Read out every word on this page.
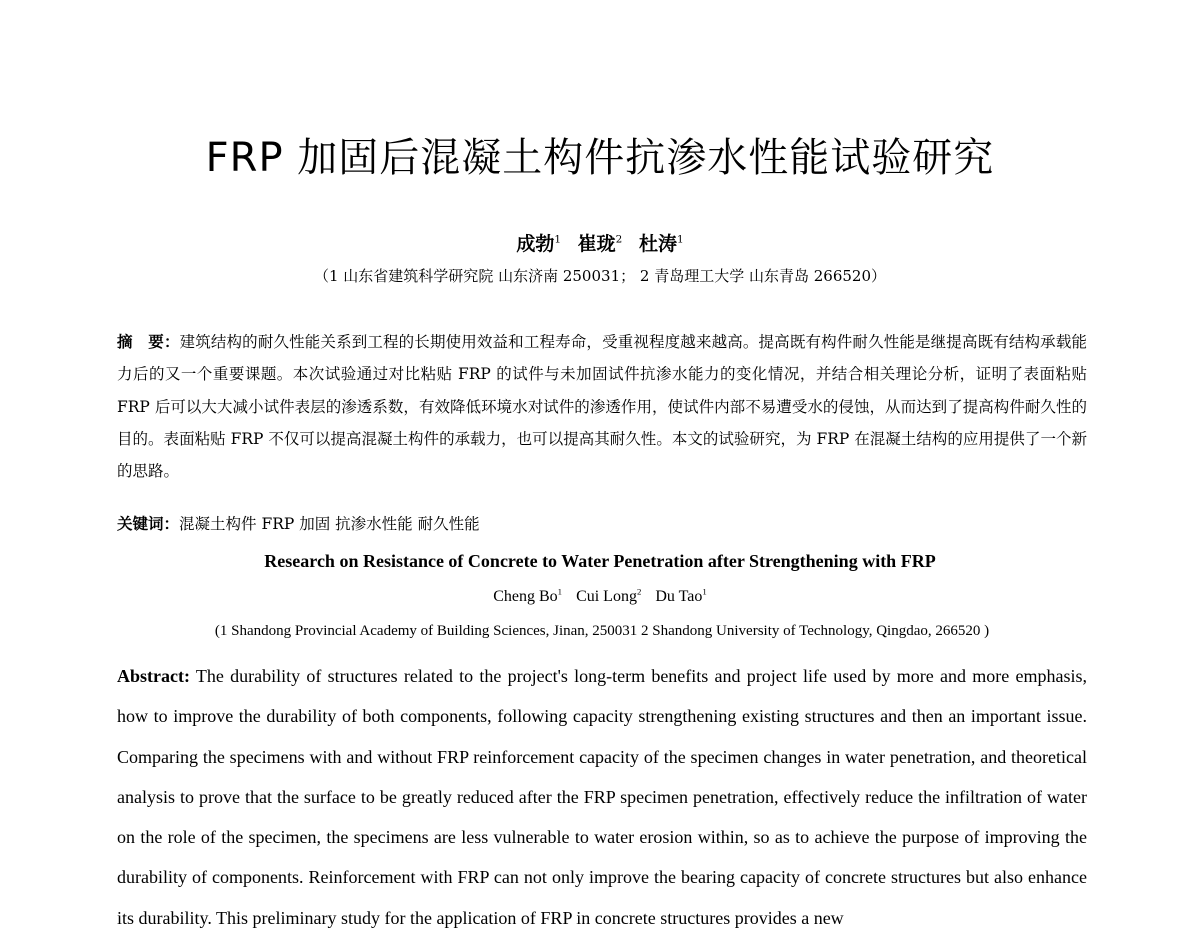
FRP 加固后混凝土构件抗渗水性能试验研究
成勃$^1$ 崔珑$^2$ 杜涛$^1$
（1 山东省建筑科学研究院 山东济南 250031； 2 青岛理工大学 山东青岛 266520）
摘　要：建筑结构的耐久性能关系到工程的长期使用效益和工程寿命，受重视程度越来越高。提高既有构件耐久性能是继提高既有结构承载能力后的又一个重要课题。本次试验通过对比粘贴 FRP 的试件与未加固试件抗渗水能力的变化情况，并结合相关理论分析，证明了表面粘贴 FRP 后可以大大减小试件表层的渗透系数，有效降低环境水对试件的渗透作用，使试件内部不易遭受水的侵蚀，从而达到了提高构件耐久性的目的。表面粘贴 FRP 不仅可以提高混凝土构件的承载力，也可以提高其耐久性。本文的试验研究，为 FRP 在混凝土结构的应用提供了一个新的思路。
关键词：混凝土构件 FRP 加固 抗渗水性能 耐久性能
Research on Resistance of Concrete to Water Penetration after Strengthening with FRP
Cheng Bo$^1$ Cui Long$^2$ Du Tao$^1$
(1 Shandong Provincial Academy of Building Sciences, Jinan, 250031 2 Shandong University of Technology, Qingdao, 266520 )
Abstract: The durability of structures related to the project's long-term benefits and project life used by more and more emphasis, how to improve the durability of both components, following capacity strengthening existing structures and then an important issue. Comparing the specimens with and without FRP reinforcement capacity of the specimen changes in water penetration, and theoretical analysis to prove that the surface to be greatly reduced after the FRP specimen penetration, effectively reduce the infiltration of water on the role of the specimen, the specimens are less vulnerable to water erosion within, so as to achieve the purpose of improving the durability of components. Reinforcement with FRP can not only improve the bearing capacity of concrete structures but also enhance its durability. This preliminary study for the application of FRP in concrete structures provides a new
